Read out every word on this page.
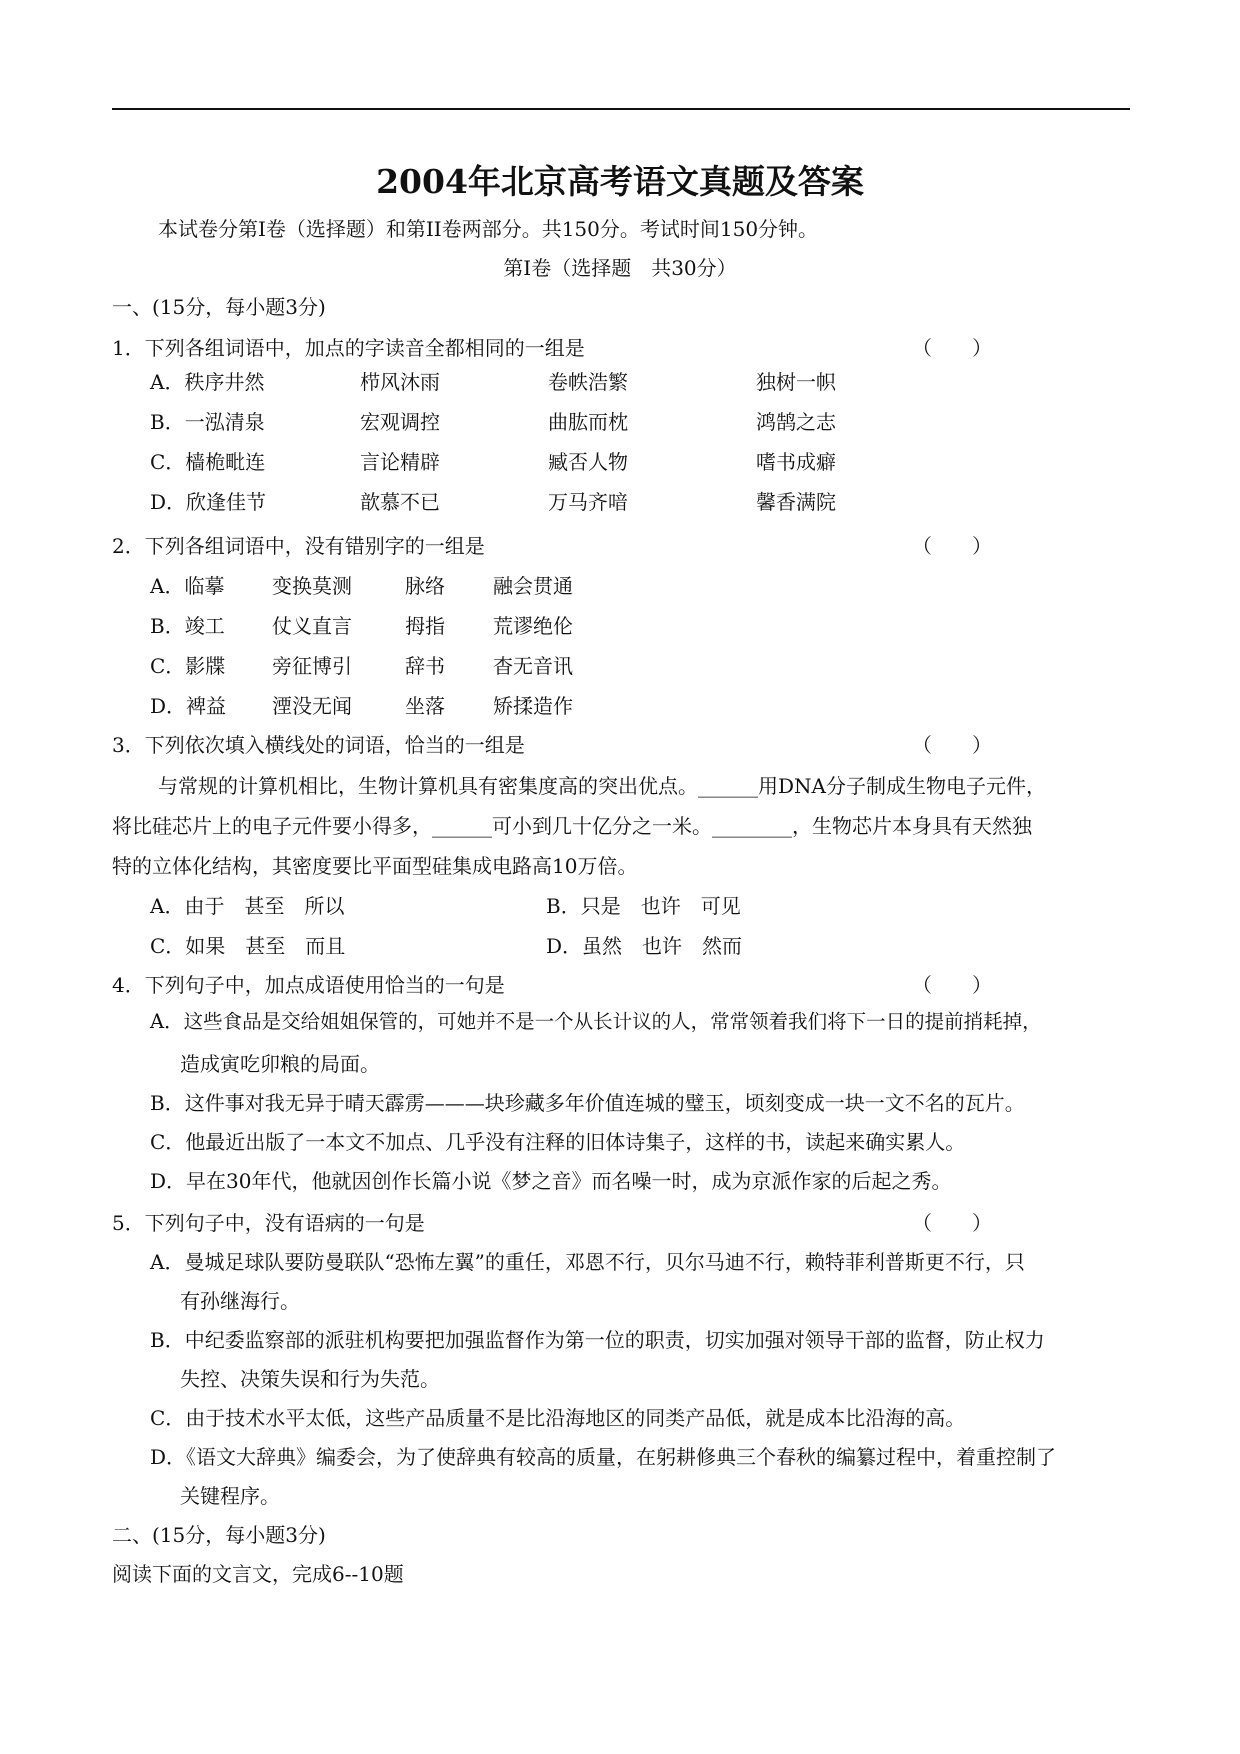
2004年北京高考语文真题及答案
本试卷分第I卷（选择题）和第II卷两部分。共150分。考试时间150分钟。
第I卷（选择题　共30分）
一、(15分，每小题3分)
1．下列各组词语中，加点的字读音全都相同的一组是	（　　）
A．秩序井然	栉风沐雨	卷帙浩繁	独树一帜
B．一泓清泉	宏观调控	曲肱而枕	鸿鹄之志
C．樯桅毗连	言论精辟	臧否人物	嗜书成癖
D．欣逢佳节	歆慕不已	万马齐喑	馨香满院
2．下列各组词语中，没有错别字的一组是	（　　）
A．临摹 变换莫测	脉络 融会贯通
B．竣工 仗义直言	拇指 荒谬绝伦
C．影牒 旁征博引	辞书 杳无音讯
D．裨益 湮没无闻	坐落 矫揉造作
3．下列依次填入横线处的词语，恰当的一组是	（　　）
与常规的计算机相比，生物计算机具有密集度高的突出优点。______用DNA分子制成生物电子元件，
将比硅芯片上的电子元件要小得多，______可小到几十亿分之一米。________，生物芯片本身具有天然独
特的立体化结构，其密度要比平面型硅集成电路高10万倍。
A．由于　甚至　所以	B．只是　也许　可见
C．如果　甚至　而且	D．虽然　也许　然而
4．下列句子中，加点成语使用恰当的一句是	（　　）
A．这些食品是交给姐姐保管的，可她并不是一个从长计议的人，常常领着我们将下一日的提前捎耗掉，
造成寅吃卯粮的局面。
B．这件事对我无异于晴天霹雳———块珍藏多年价值连城的璧玉，顷刻变成一块一文不名的瓦片。
C．他最近出版了一本文不加点、几乎没有注释的旧体诗集子，这样的书，读起来确实累人。
D．早在30年代，他就因创作长篇小说《梦之音》而名噪一时，成为京派作家的后起之秀。
5．下列句子中，没有语病的一句是	（　　）
A．曼城足球队要防曼联队“恐怖左翼”的重任，邓恩不行，贝尔马迪不行，赖特菲利普斯更不行，只
有孙继海行。
B．中纪委监察部的派驻机构要把加强监督作为第一位的职责，切实加强对领导干部的监督，防止权力
失控、决策失误和行为失范。
C．由于技术水平太低，这些产品质量不是比沿海地区的同类产品低，就是成本比沿海的高。
D．《语文大辞典》编委会，为了使辞典有较高的质量，在躬耕修典三个春秋的编纂过程中，着重控制了
关键程序。
二、(15分，每小题3分)
阅读下面的文言文，完成6--10题
